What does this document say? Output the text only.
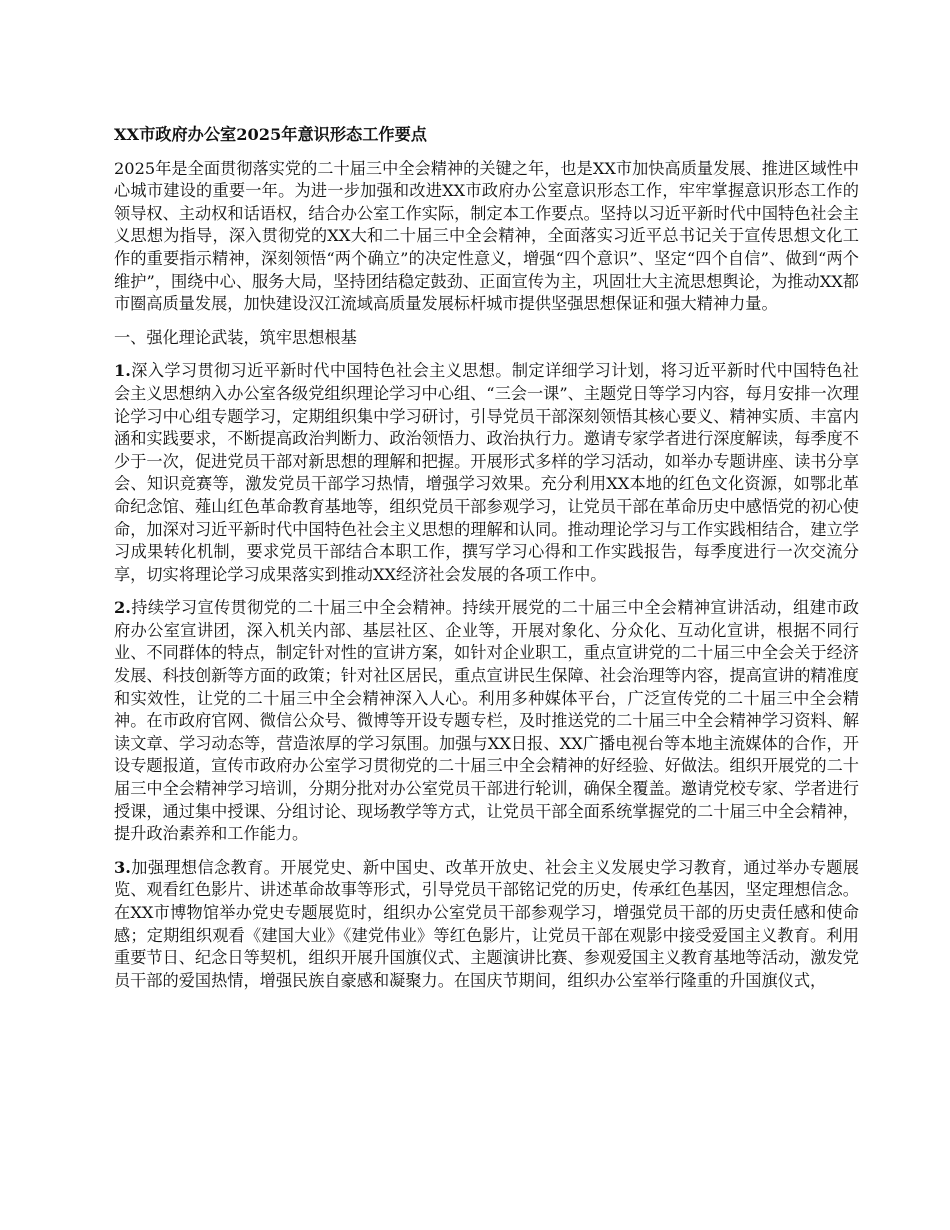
XX市政府办公室2025年意识形态工作要点

2025年是全面贯彻落实党的二十届三中全会精神的关键之年，也是XX市加快高质量发展、推进区域性中心城市建设的重要一年。为进一步加强和改进XX市政府办公室意识形态工作，牢牢掌握意识形态工作的领导权、主动权和话语权，结合办公室工作实际，制定本工作要点。坚持以习近平新时代中国特色社会主义思想为指导，深入贯彻党的XX大和二十届三中全会精神，全面落实习近平总书记关于宣传思想文化工作的重要指示精神，深刻领悟“两个确立”的决定性意义，增强“四个意识”、坚定“四个自信”、做到“两个维护”，围绕中心、服务大局，坚持团结稳定鼓劲、正面宣传为主，巩固壮大主流思想舆论，为推动XX都市圈高质量发展，加快建设汉江流域高质量发展标杆城市提供坚强思想保证和强大精神力量。

一、强化理论武装，筑牢思想根基

1.深入学习贯彻习近平新时代中国特色社会主义思想。制定详细学习计划，将习近平新时代中国特色社会主义思想纳入办公室各级党组织理论学习中心组、“三会一课”、主题党日等学习内容，每月安排一次理论学习中心组专题学习，定期组织集中学习研讨，引导党员干部深刻领悟其核心要义、精神实质、丰富内涵和实践要求，不断提高政治判断力、政治领悟力、政治执行力。邀请专家学者进行深度解读，每季度不少于一次，促进党员干部对新思想的理解和把握。开展形式多样的学习活动，如举办专题讲座、读书分享会、知识竞赛等，激发党员干部学习热情，增强学习效果。充分利用XX本地的红色文化资源，如鄂北革命纪念馆、薤山红色革命教育基地等，组织党员干部参观学习，让党员干部在革命历史中感悟党的初心使命，加深对习近平新时代中国特色社会主义思想的理解和认同。推动理论学习与工作实践相结合，建立学习成果转化机制，要求党员干部结合本职工作，撰写学习心得和工作实践报告，每季度进行一次交流分享，切实将理论学习成果落实到推动XX经济社会发展的各项工作中。

2.持续学习宣传贯彻党的二十届三中全会精神。持续开展党的二十届三中全会精神宣讲活动，组建市政府办公室宣讲团，深入机关内部、基层社区、企业等，开展对象化、分众化、互动化宣讲，根据不同行业、不同群体的特点，制定针对性的宣讲方案，如针对企业职工，重点宣讲党的二十届三中全会关于经济发展、科技创新等方面的政策；针对社区居民，重点宣讲民生保障、社会治理等内容，提高宣讲的精准度和实效性，让党的二十届三中全会精神深入人心。利用多种媒体平台，广泛宣传党的二十届三中全会精神。在市政府官网、微信公众号、微博等开设专题专栏，及时推送党的二十届三中全会精神学习资料、解读文章、学习动态等，营造浓厚的学习氛围。加强与XX日报、XX广播电视台等本地主流媒体的合作，开设专题报道，宣传市政府办公室学习贯彻党的二十届三中全会精神的好经验、好做法。组织开展党的二十届三中全会精神学习培训，分期分批对办公室党员干部进行轮训，确保全覆盖。邀请党校专家、学者进行授课，通过集中授课、分组讨论、现场教学等方式，让党员干部全面系统掌握党的二十届三中全会精神，提升政治素养和工作能力。

3.加强理想信念教育。开展党史、新中国史、改革开放史、社会主义发展史学习教育，通过举办专题展览、观看红色影片、讲述革命故事等形式，引导党员干部铭记党的历史，传承红色基因，坚定理想信念。在XX市博物馆举办党史专题展览时，组织办公室党员干部参观学习，增强党员干部的历史责任感和使命感；定期组织观看《建国大业》《建党伟业》等红色影片，让党员干部在观影中接受爱国主义教育。利用重要节日、纪念日等契机，组织开展升国旗仪式、主题演讲比赛、参观爱国主义教育基地等活动，激发党员干部的爱国热情，增强民族自豪感和凝聚力。在国庆节期间，组织办公室举行隆重的升国旗仪式，
